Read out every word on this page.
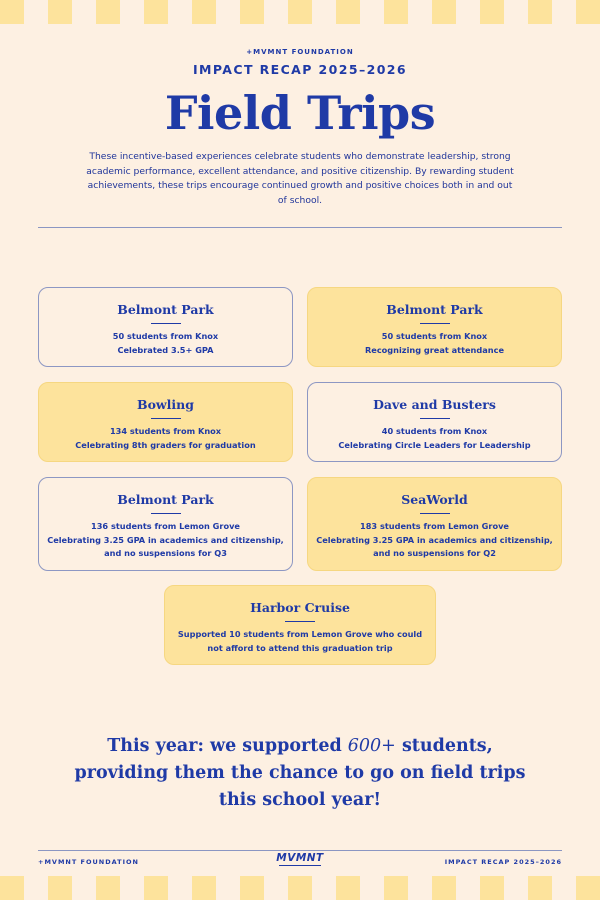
+MVMNT FOUNDATION
IMPACT RECAP 2025–2026
Field Trips
These incentive-based experiences celebrate students who demonstrate leadership, strong academic performance, excellent attendance, and positive citizenship. By rewarding student achievements, these trips encourage continued growth and positive choices both in and out of school.
Belmont Park
50 students from Knox
Celebrated 3.5+ GPA
Belmont Park
50 students from Knox
Recognizing great attendance
Bowling
134 students from Knox
Celebrating 8th graders for graduation
Dave and Busters
40 students from Knox
Celebrating Circle Leaders for Leadership
Belmont Park
136 students from Lemon Grove
Celebrating 3.25 GPA in academics and citizenship, and no suspensions for Q3
SeaWorld
183 students from Lemon Grove
Celebrating 3.25 GPA in academics and citizenship, and no suspensions for Q2
Harbor Cruise
Supported 10 students from Lemon Grove who could not afford to attend this graduation trip
This year: we supported 600+ students, providing them the chance to go on field trips this school year!
+MVMNT FOUNDATION	MVMNT	IMPACT RECAP 2025–2026
